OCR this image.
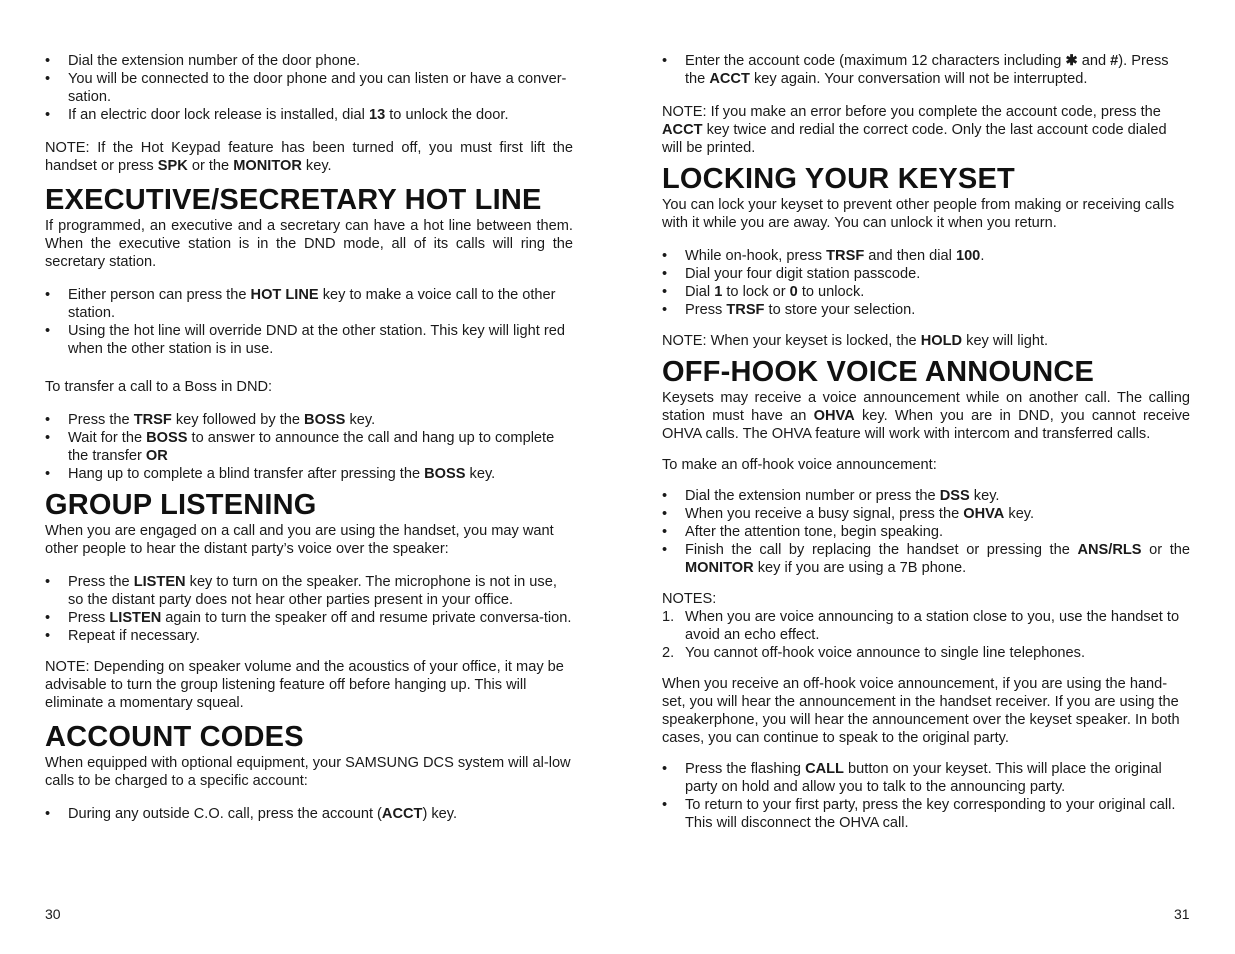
• Dial the extension number of the door phone.
• You will be connected to the door phone and you can listen or have a conver-sation.
• If an electric door lock release is installed, dial 13 to unlock the door.

NOTE: If the Hot Keypad feature has been turned off, you must first lift the handset or press SPK or the MONITOR key.

EXECUTIVE/SECRETARY HOT LINE

If programmed, an executive and a secretary can have a hot line between them. When the executive station is in the DND mode, all of its calls will ring the secretary station.

• Either person can press the HOT LINE key to make a voice call to the other station.
• Using the hot line will override DND at the other station. This key will light red when the other station is in use.

To transfer a call to a Boss in DND:

• Press the TRSF key followed by the BOSS key.
• Wait for the BOSS to answer to announce the call and hang up to complete the transfer OR
• Hang up to complete a blind transfer after pressing the BOSS key.
GROUP LISTENING

When you are engaged on a call and you are using the handset, you may want other people to hear the distant party’s voice over the speaker:

• Press the LISTEN key to turn on the speaker. The microphone is not in use, so the distant party does not hear other parties present in your office.
• Press LISTEN again to turn the speaker off and resume private conversa-tion.
• Repeat if necessary.

NOTE: Depending on speaker volume and the acoustics of your office, it may be advisable to turn the group listening feature off before hanging up. This will eliminate a momentary squeal.

ACCOUNT CODES

When equipped with optional equipment, your SAMSUNG DCS system will al-low calls to be charged to a specific account:

• During any outside C.O. call, press the account (ACCT) key.
30
• Enter the account code (maximum 12 characters including ✱ and #). Press the ACCT key again. Your conversation will not be interrupted.

NOTE: If you make an error before you complete the account code, press the ACCT key twice and redial the correct code. Only the last account code dialed will be printed.

LOCKING YOUR KEYSET

You can lock your keyset to prevent other people from making or receiving calls with it while you are away. You can unlock it when you return.

• While on-hook, press TRSF and then dial 100.
• Dial your four digit station passcode.
• Dial 1 to lock or 0 to unlock.
• Press TRSF to store your selection.

NOTE: When your keyset is locked, the HOLD key will light.

OFF-HOOK VOICE ANNOUNCE

Keysets may receive a voice announcement while on another call. The calling station must have an OHVA key. When you are in DND, you cannot receive OHVA calls. The OHVA feature will work with intercom and transferred calls.

To make an off-hook voice announcement:

• Dial the extension number or press the DSS key.
• When you receive a busy signal, press the OHVA key.
• After the attention tone, begin speaking.
• Finish the call by replacing the handset or pressing the ANS/RLS or the MONITOR key if you are using a 7B phone.

NOTES:

1. When you are voice announcing to a station close to you, use the handset to avoid an echo effect.
2. You cannot off-hook voice announce to single line telephones.

When you receive an off-hook voice announcement, if you are using the hand-set, you will hear the announcement in the handset receiver. If you are using the speakerphone, you will hear the announcement over the keyset speaker. In both cases, you can continue to speak to the original party.

• Press the flashing CALL button on your keyset. This will place the original party on hold and allow you to talk to the announcing party.
• To return to your first party, press the key corresponding to your original call. This will disconnect the OHVA call.
31
